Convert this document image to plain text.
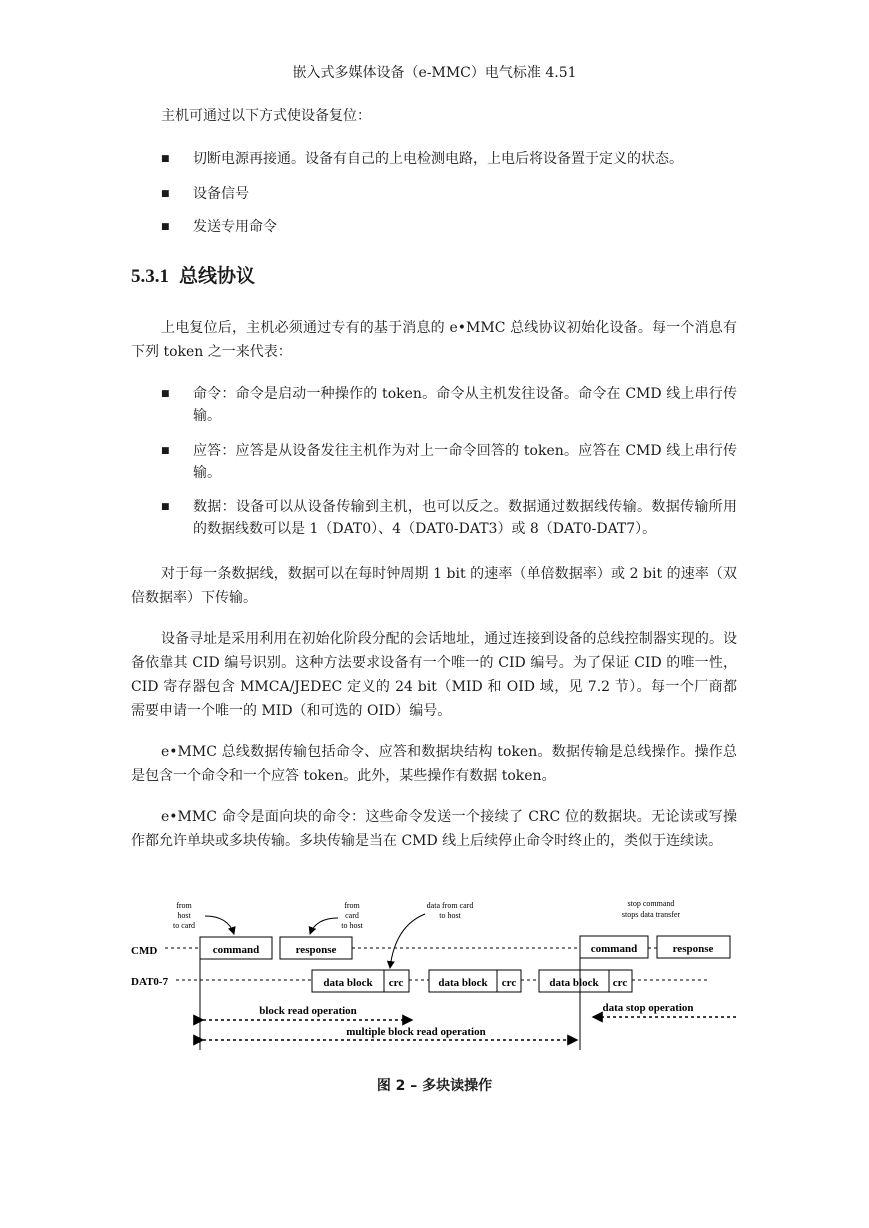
嵌入式多媒体设备（e-MMC）电气标准 4.51
主机可通过以下方式使设备复位：
■ 切断电源再接通。设备有自己的上电检测电路，上电后将设备置于定义的状态。
■ 设备信号
■ 发送专用命令
5.3.1 总线协议
上电复位后，主机必须通过专有的基于消息的 e•MMC 总线协议初始化设备。每一个消息有下列 token 之一来代表：
■ 命令：命令是启动一种操作的 token。命令从主机发往设备。命令在 CMD 线上串行传输。
■ 应答：应答是从设备发往主机作为对上一命令回答的 token。应答在 CMD 线上串行传输。
■ 数据：设备可以从设备传输到主机，也可以反之。数据通过数据线传输。数据传输所用的数据线数可以是 1（DAT0）、4（DAT0-DAT3）或 8（DAT0-DAT7）。
对于每一条数据线，数据可以在每时钟周期 1 bit 的速率（单倍数据率）或 2 bit 的速率（双倍数据率）下传输。
设备寻址是采用利用在初始化阶段分配的会话地址，通过连接到设备的总线控制器实现的。设备依靠其 CID 编号识别。这种方法要求设备有一个唯一的 CID 编号。为了保证 CID 的唯一性，CID 寄存器包含 MMCA/JEDEC 定义的 24 bit（MID 和 OID 域，见 7.2 节）。每一个厂商都需要申请一个唯一的 MID（和可选的 OID）编号。
e•MMC 总线数据传输包括命令、应答和数据块结构 token。数据传输是总线操作。操作总是包含一个命令和一个应答 token。此外，某些操作有数据 token。
e•MMC 命令是面向块的命令：这些命令发送一个接续了 CRC 位的数据块。无论读或写操作都允许单块或多块传输。多块传输是当在 CMD 线上后续停止命令时终止的，类似于连续读。
CMD
DAT0-7
command	response	command	response
data block crc	data block crc	data block crc
from
host
to card
from
card
to host
data from card
to host
stop command
stops data transfer
block read operation	data stop operation
multiple block read operation
图 2 – 多块读操作
